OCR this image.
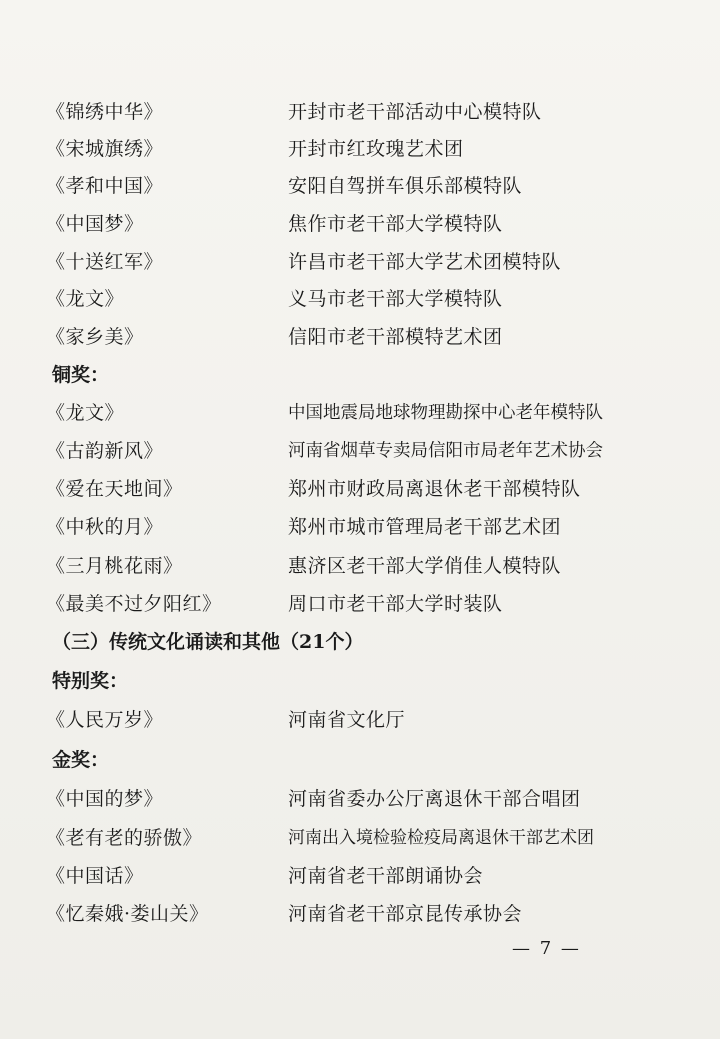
《锦绣中华》	开封市老干部活动中心模特队
《宋城旗绣》	开封市红玫瑰艺术团
《孝和中国》	安阳自驾拼车俱乐部模特队
《中国梦》	焦作市老干部大学模特队
《十送红军》	许昌市老干部大学艺术团模特队
《龙文》	义马市老干部大学模特队
《家乡美》	信阳市老干部模特艺术团
铜奖：
《龙文》	中国地震局地球物理勘探中心老年模特队
《古韵新风》	河南省烟草专卖局信阳市局老年艺术协会
《爱在天地间》	郑州市财政局离退休老干部模特队
《中秋的月》	郑州市城市管理局老干部艺术团
《三月桃花雨》	惠济区老干部大学俏佳人模特队
《最美不过夕阳红》	周口市老干部大学时装队
（三）传统文化诵读和其他（21个）
特别奖：
《人民万岁》	河南省文化厅
金奖：
《中国的梦》	河南省委办公厅离退休干部合唱团
《老有老的骄傲》	河南出入境检验检疫局离退休干部艺术团
《中国话》	河南省老干部朗诵协会
《忆秦娥·娄山关》	河南省老干部京昆传承协会
— 7 —
